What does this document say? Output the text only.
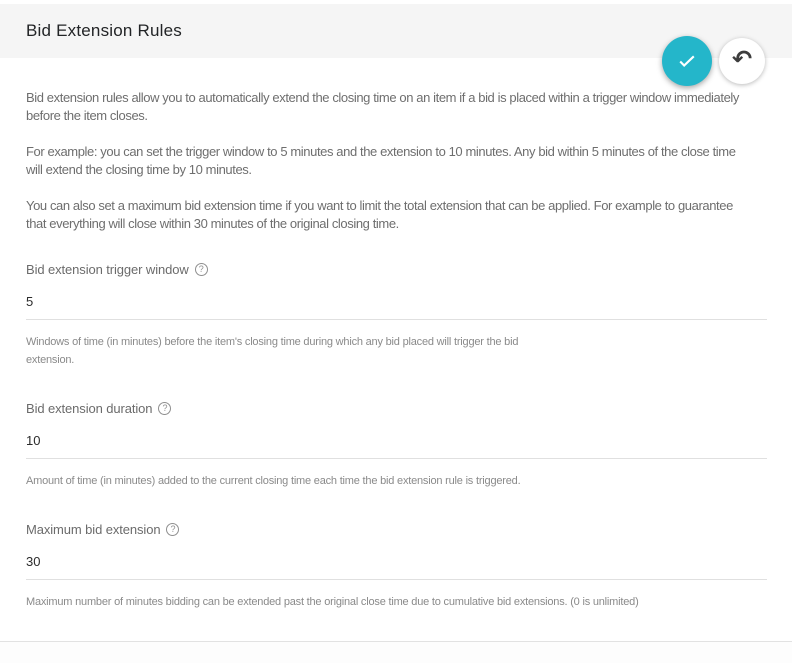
Bid Extension Rules
↶

Bid extension rules allow you to automatically extend the closing time on an item if a bid is placed within a trigger window immediately before the item closes.

For example: you can set the trigger window to 5 minutes and the extension to 10 minutes. Any bid within 5 minutes of the close time will extend the closing time by 10 minutes.

You can also set a maximum bid extension time if you want to limit the total extension that can be applied. For example to guarantee that everything will close within 30 minutes of the original closing time.

Bid extension trigger window	?
5
Windows of time (in minutes) before the item's closing time during which any bid placed will trigger the bid extension.
Bid extension duration	?
10
Amount of time (in minutes) added to the current closing time each time the bid extension rule is triggered.
Maximum bid extension	?
30
Maximum number of minutes bidding can be extended past the original close time due to cumulative bid extensions. (0 is unlimited)
